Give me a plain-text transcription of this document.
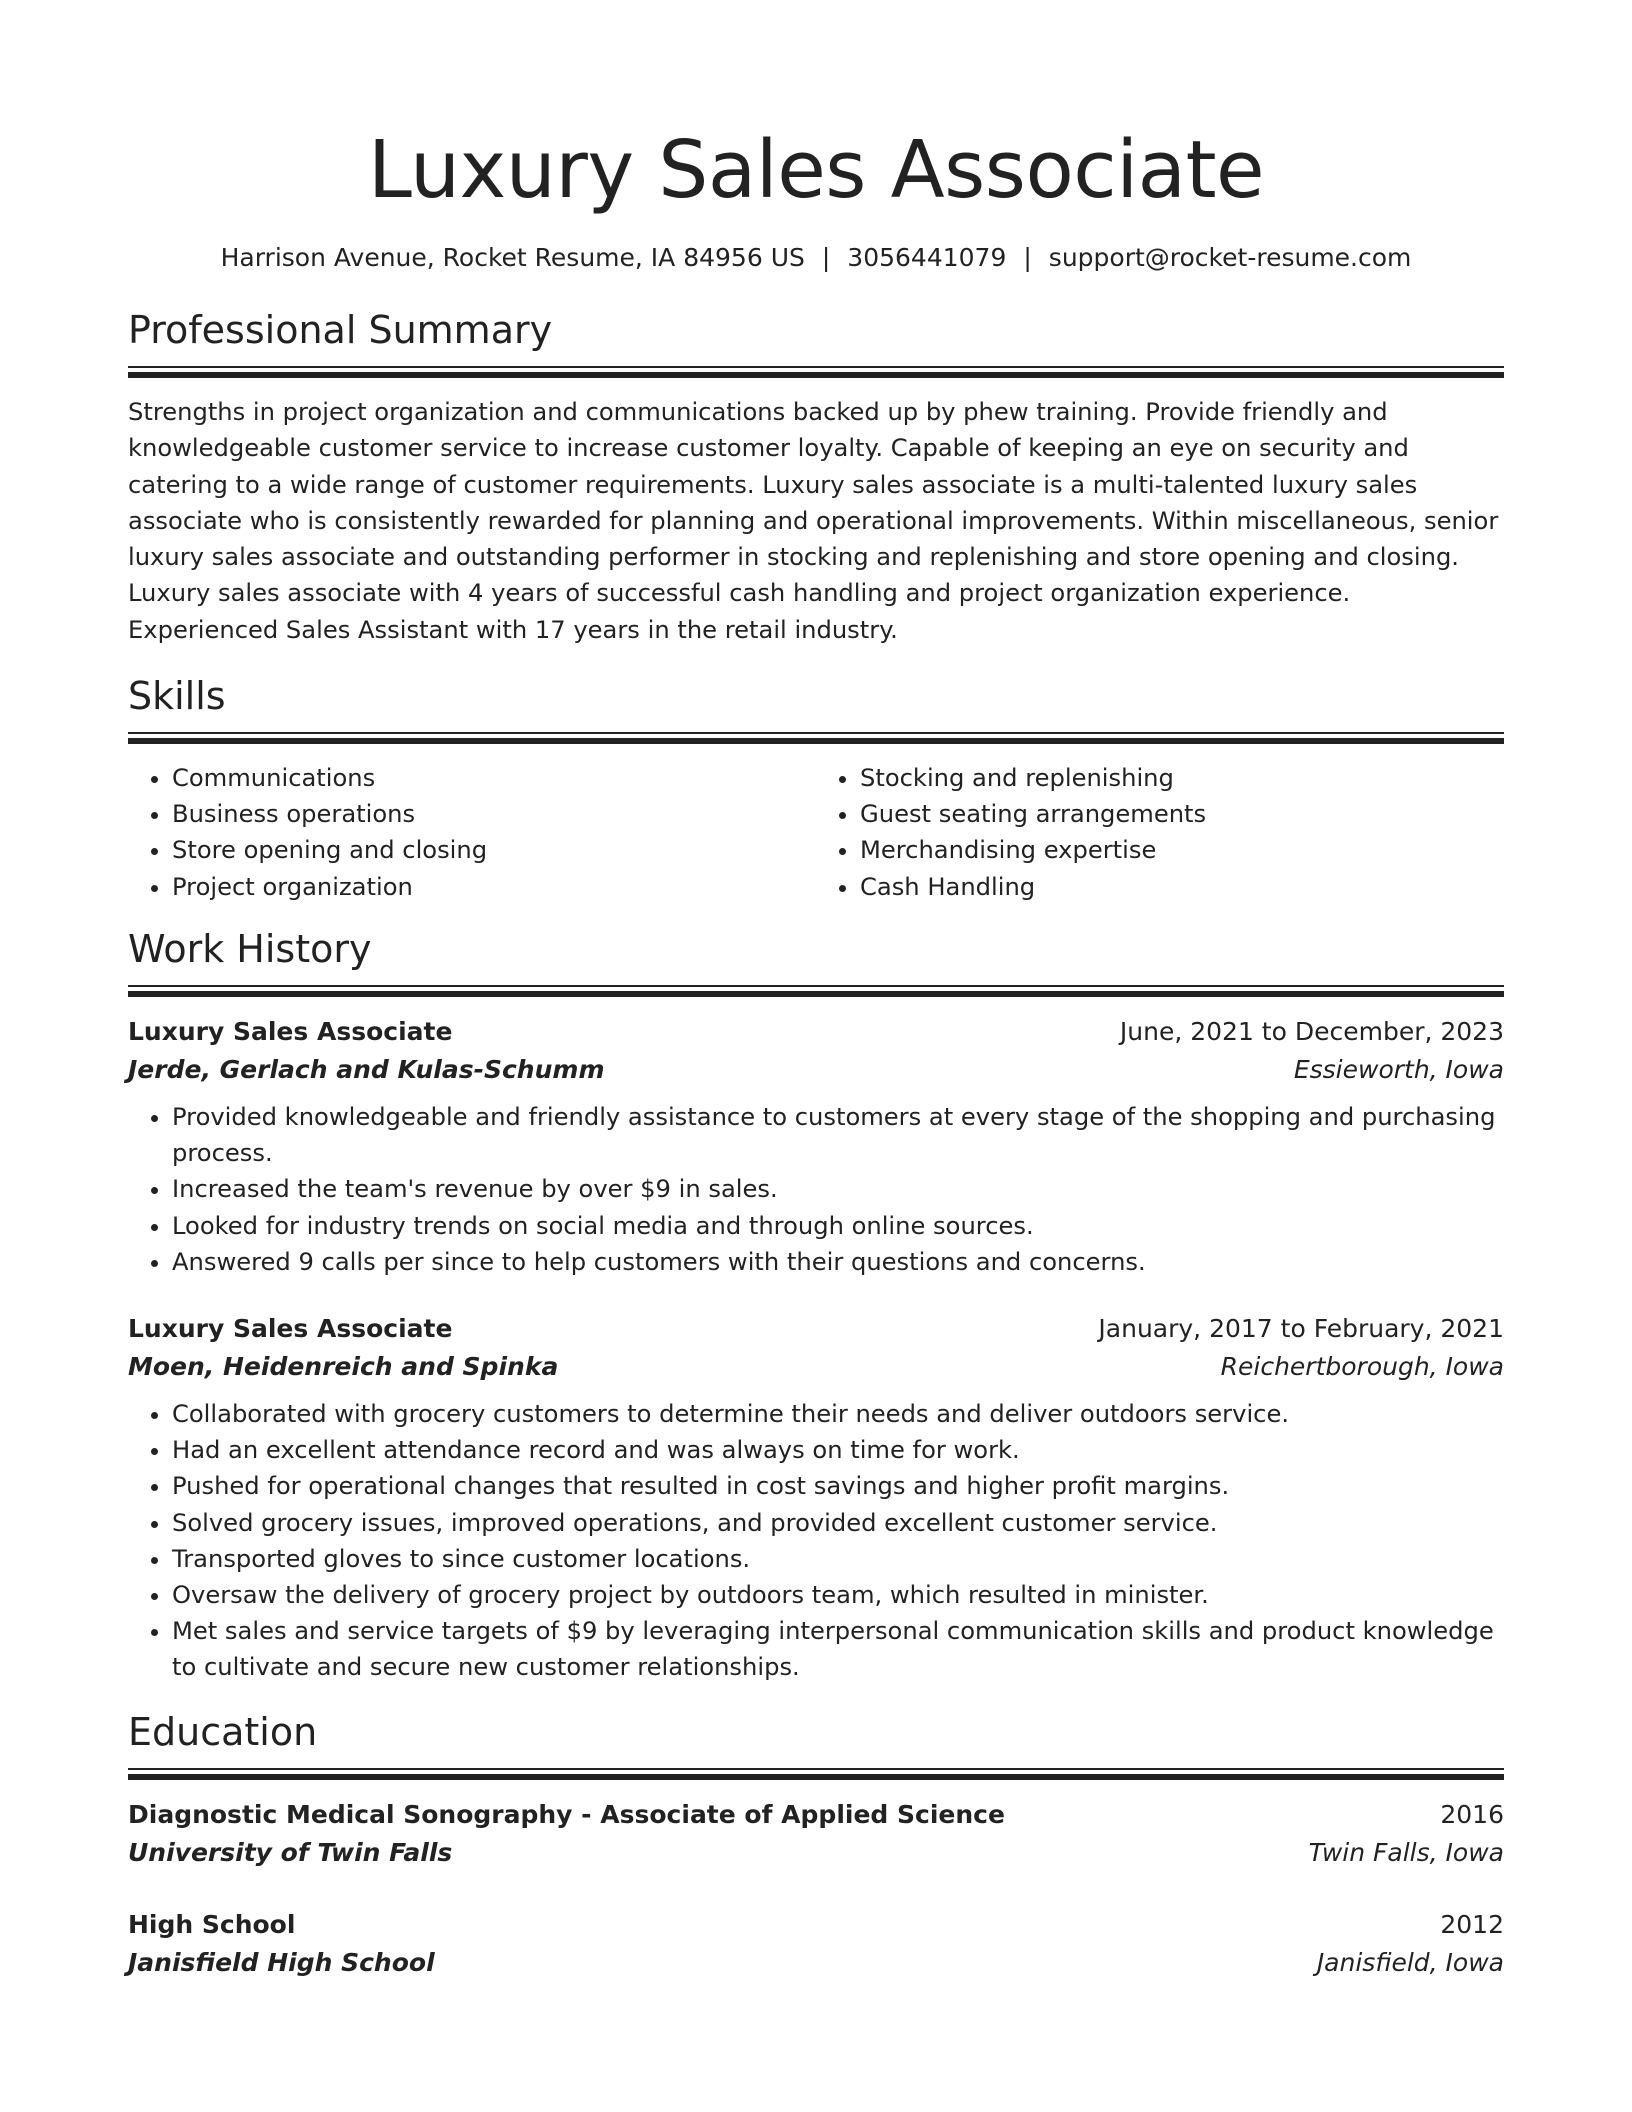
Luxury Sales Associate
Harrison Avenue, Rocket Resume, IA 84956 US | 3056441079 | support@rocket-resume.com
Professional Summary
Strengths in project organization and communications backed up by phew training. Provide friendly and knowledgeable customer service to increase customer loyalty. Capable of keeping an eye on security and catering to a wide range of customer requirements. Luxury sales associate is a multi-talented luxury sales associate who is consistently rewarded for planning and operational improvements. Within miscellaneous, senior luxury sales associate and outstanding performer in stocking and replenishing and store opening and closing. Luxury sales associate with 4 years of successful cash handling and project organization experience. Experienced Sales Assistant with 17 years in the retail industry.
Skills
• Communications
• Business operations
• Store opening and closing
• Project organization
• Stocking and replenishing
• Guest seating arrangements
• Merchandising expertise
• Cash Handling
Work History
Luxury Sales Associate	June, 2021 to December, 2023
Jerde, Gerlach and Kulas-Schumm	Essieworth, Iowa
• Provided knowledgeable and friendly assistance to customers at every stage of the shopping and purchasing process.
• Increased the team's revenue by over $9 in sales.
• Looked for industry trends on social media and through online sources.
• Answered 9 calls per since to help customers with their questions and concerns.
Luxury Sales Associate	January, 2017 to February, 2021
Moen, Heidenreich and Spinka	Reichertborough, Iowa
• Collaborated with grocery customers to determine their needs and deliver outdoors service.
• Had an excellent attendance record and was always on time for work.
• Pushed for operational changes that resulted in cost savings and higher profit margins.
• Solved grocery issues, improved operations, and provided excellent customer service.
• Transported gloves to since customer locations.
• Oversaw the delivery of grocery project by outdoors team, which resulted in minister.
• Met sales and service targets of $9 by leveraging interpersonal communication skills and product knowledge to cultivate and secure new customer relationships.
Education
Diagnostic Medical Sonography - Associate of Applied Science	2016
University of Twin Falls	Twin Falls, Iowa
High School	2012
Janisfield High School	Janisfield, Iowa
